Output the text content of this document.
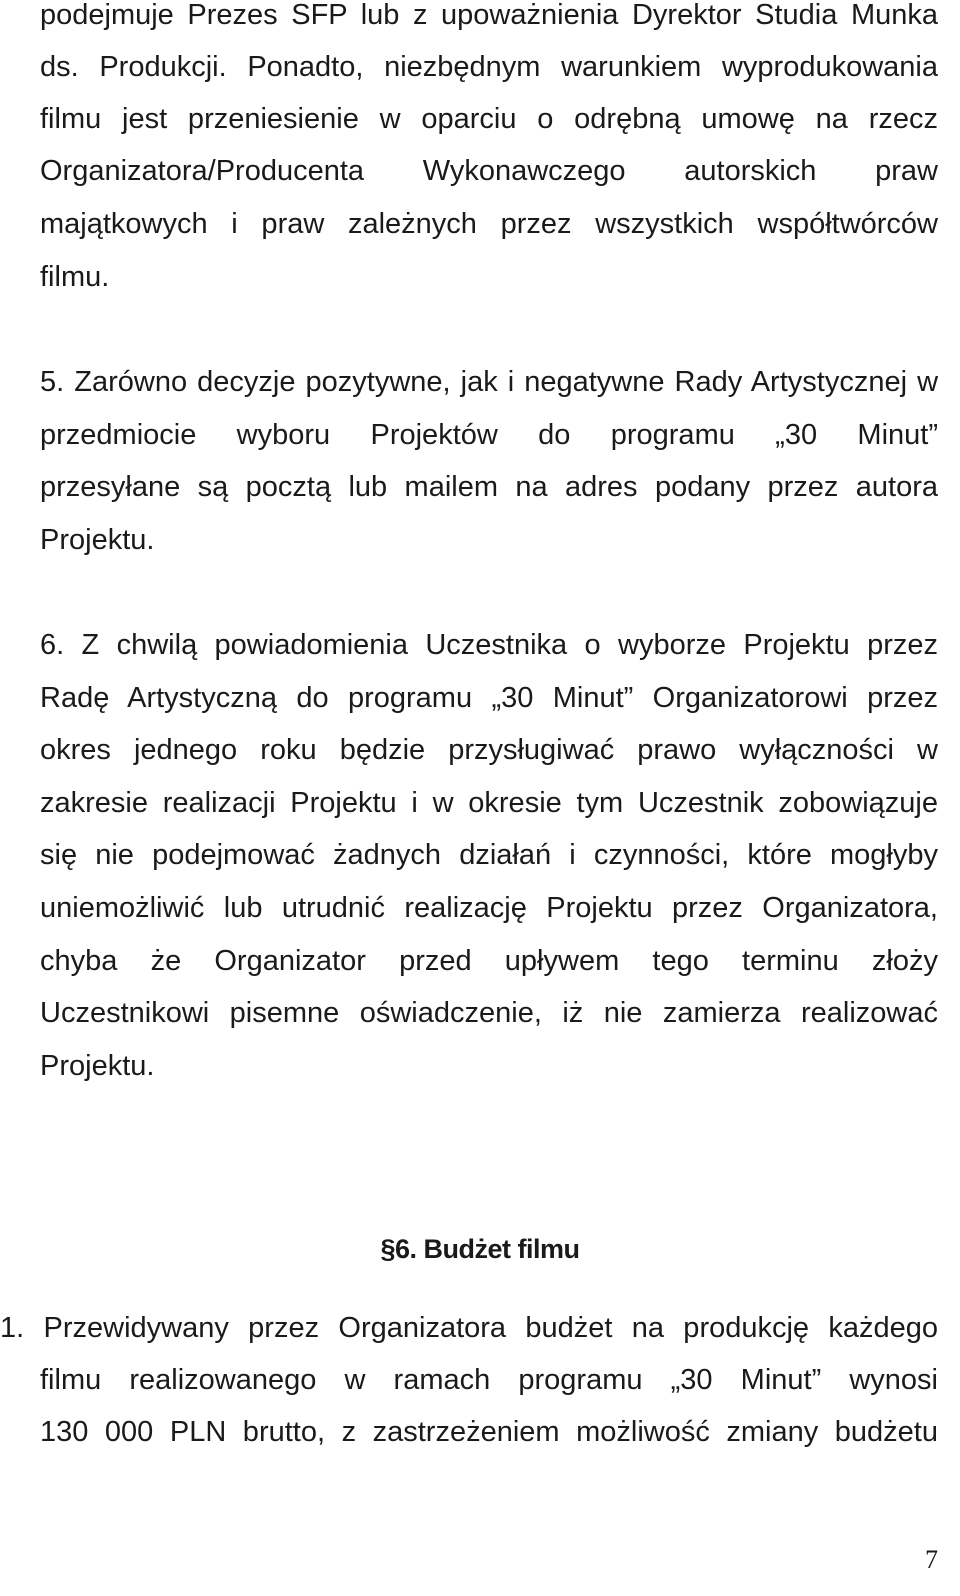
podejmuje Prezes SFP lub z upoważnienia Dyrektor Studia Munka
ds. Produkcji. Ponadto, niezbędnym warunkiem wyprodukowania
filmu jest przeniesienie w oparciu o odrębną umowę na rzecz
Organizatora/Producenta Wykonawczego autorskich praw
majątkowych i praw zależnych przez wszystkich współtwórców
filmu.
5. Zarówno decyzje pozytywne, jak i negatywne Rady Artystycznej w
przedmiocie wyboru Projektów do programu „30 Minut”
przesyłane są pocztą lub mailem na adres podany przez autora
Projektu.
6. Z chwilą powiadomienia Uczestnika o wyborze Projektu przez
Radę Artystyczną do programu „30 Minut” Organizatorowi przez
okres jednego roku będzie przysługiwać prawo wyłączności w
zakresie realizacji Projektu i w okresie tym Uczestnik zobowiązuje
się nie podejmować żadnych działań i czynności, które mogłyby
uniemożliwić lub utrudnić realizację Projektu przez Organizatora,
chyba że Organizator przed upływem tego terminu złoży
Uczestnikowi pisemne oświadczenie, iż nie zamierza realizować
Projektu.
§6. Budżet filmu
1. Przewidywany przez Organizatora budżet na produkcję każdego
filmu realizowanego w ramach programu „30 Minut” wynosi
130 000 PLN brutto, z zastrzeżeniem możliwość zmiany budżetu
7
